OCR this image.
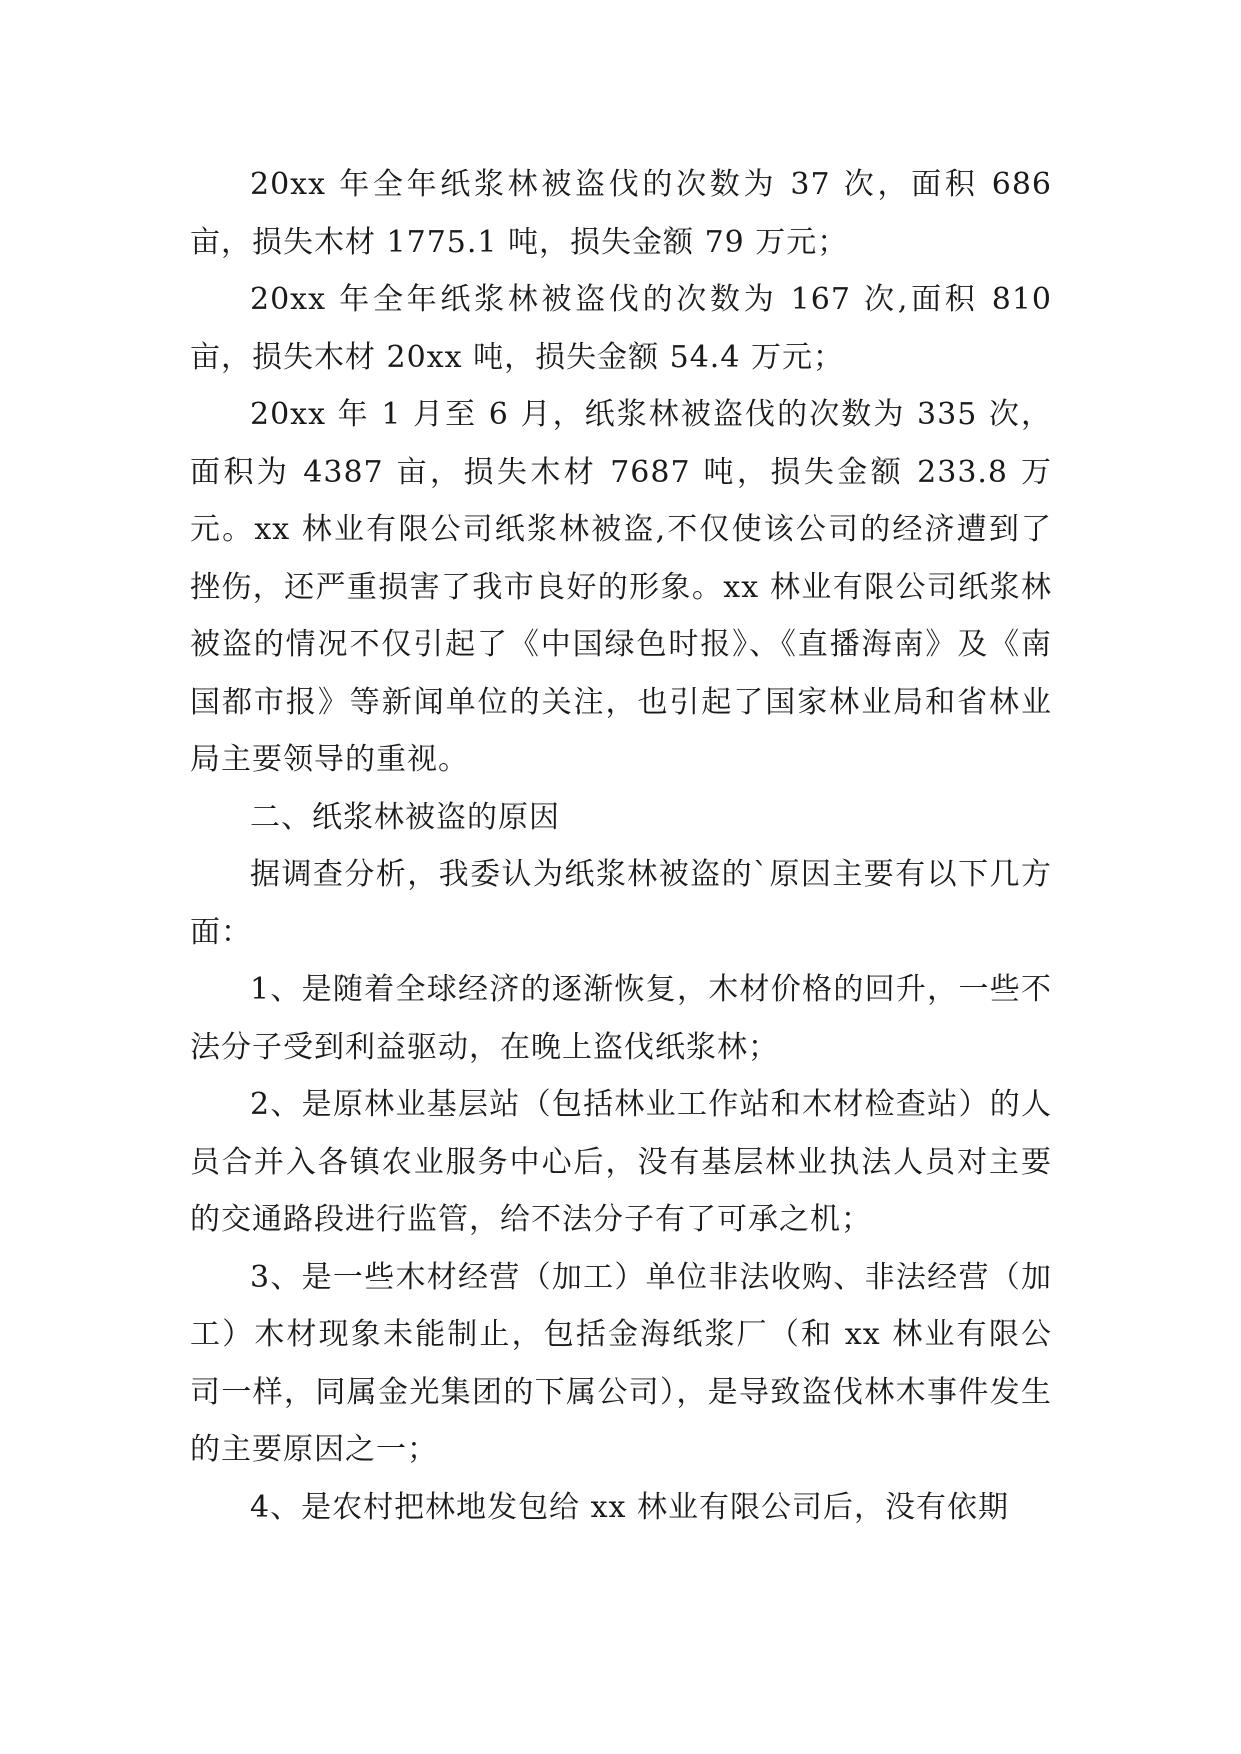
20xx 年全年纸浆林被盗伐的次数为 37 次，面积 686 亩，损失木材 1775.1 吨，损失金额 79 万元；

20xx 年全年纸浆林被盗伐的次数为 167 次,面积 810 亩，损失木材 20xx 吨，损失金额 54.4 万元；

20xx 年 1 月至 6 月，纸浆林被盗伐的次数为 335 次，面积为 4387 亩，损失木材 7687 吨，损失金额 233.8 万元。xx 林业有限公司纸浆林被盗,不仅使该公司的经济遭到了挫伤，还严重损害了我市良好的形象。xx 林业有限公司纸浆林被盗的情况不仅引起了《中国绿色时报》、《直播海南》及《南国都市报》等新闻单位的关注，也引起了国家林业局和省林业局主要领导的重视。

二、纸浆林被盗的原因

据调查分析，我委认为纸浆林被盗的`原因主要有以下几方面：

1、是随着全球经济的逐渐恢复，木材价格的回升，一些不法分子受到利益驱动，在晚上盗伐纸浆林；

2、是原林业基层站（包括林业工作站和木材检查站）的人员合并入各镇农业服务中心后，没有基层林业执法人员对主要的交通路段进行监管，给不法分子有了可承之机；

3、是一些木材经营（加工）单位非法收购、非法经营（加工）木材现象未能制止，包括金海纸浆厂（和 xx 林业有限公司一样，同属金光集团的下属公司），是导致盗伐林木事件发生的主要原因之一；

4、是农村把林地发包给 xx 林业有限公司后，没有依期
